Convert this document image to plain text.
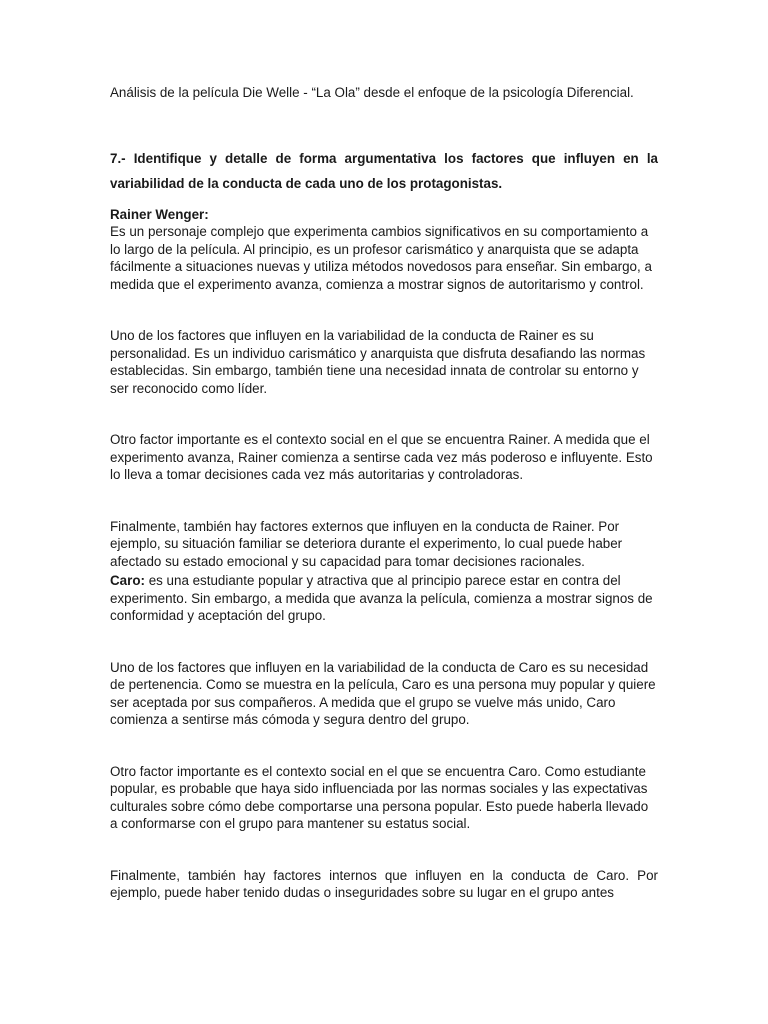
Análisis de la película Die Welle - “La Ola” desde el enfoque de la psicología Diferencial.

7.- Identifique y detalle de forma argumentativa los factores que influyen en la variabilidad de la conducta de cada uno de los protagonistas.

Rainer Wenger:

Es un personaje complejo que experimenta cambios significativos en su comportamiento a lo largo de la película. Al principio, es un profesor carismático y anarquista que se adapta fácilmente a situaciones nuevas y utiliza métodos novedosos para enseñar. Sin embargo, a medida que el experimento avanza, comienza a mostrar signos de autoritarismo y control.

Uno de los factores que influyen en la variabilidad de la conducta de Rainer es su personalidad. Es un individuo carismático y anarquista que disfruta desafiando las normas establecidas. Sin embargo, también tiene una necesidad innata de controlar su entorno y ser reconocido como líder.

Otro factor importante es el contexto social en el que se encuentra Rainer. A medida que el experimento avanza, Rainer comienza a sentirse cada vez más poderoso e influyente. Esto lo lleva a tomar decisiones cada vez más autoritarias y controladoras.

Finalmente, también hay factores externos que influyen en la conducta de Rainer. Por ejemplo, su situación familiar se deteriora durante el experimento, lo cual puede haber afectado su estado emocional y su capacidad para tomar decisiones racionales.

Caro: es una estudiante popular y atractiva que al principio parece estar en contra del experimento. Sin embargo, a medida que avanza la película, comienza a mostrar signos de conformidad y aceptación del grupo.

Uno de los factores que influyen en la variabilidad de la conducta de Caro es su necesidad de pertenencia. Como se muestra en la película, Caro es una persona muy popular y quiere ser aceptada por sus compañeros. A medida que el grupo se vuelve más unido, Caro comienza a sentirse más cómoda y segura dentro del grupo.

Otro factor importante es el contexto social en el que se encuentra Caro. Como estudiante popular, es probable que haya sido influenciada por las normas sociales y las expectativas culturales sobre cómo debe comportarse una persona popular. Esto puede haberla llevado a conformarse con el grupo para mantener su estatus social.

Finalmente, también hay factores internos que influyen en la conducta de Caro. Por ejemplo, puede haber tenido dudas o inseguridades sobre su lugar en el grupo antes
